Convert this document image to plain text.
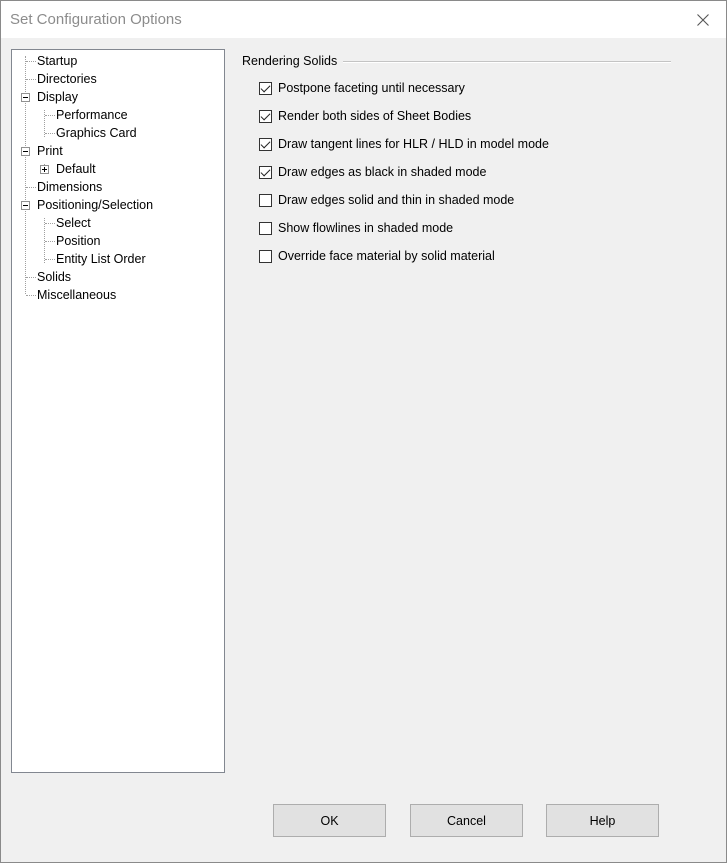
Set Configuration Options
Startup
Directories
Display
Performance
Graphics Card
Print
Default
Dimensions
Positioning/Selection
Select
Position
Entity List Order
Solids
Miscellaneous
Rendering Solids
Postpone faceting until necessary
Render both sides of Sheet Bodies
Draw tangent lines for HLR / HLD in model mode
Draw edges as black in shaded mode
Draw edges solid and thin in shaded mode
Show flowlines in shaded mode
Override face material by solid material
OK	Cancel	Help
